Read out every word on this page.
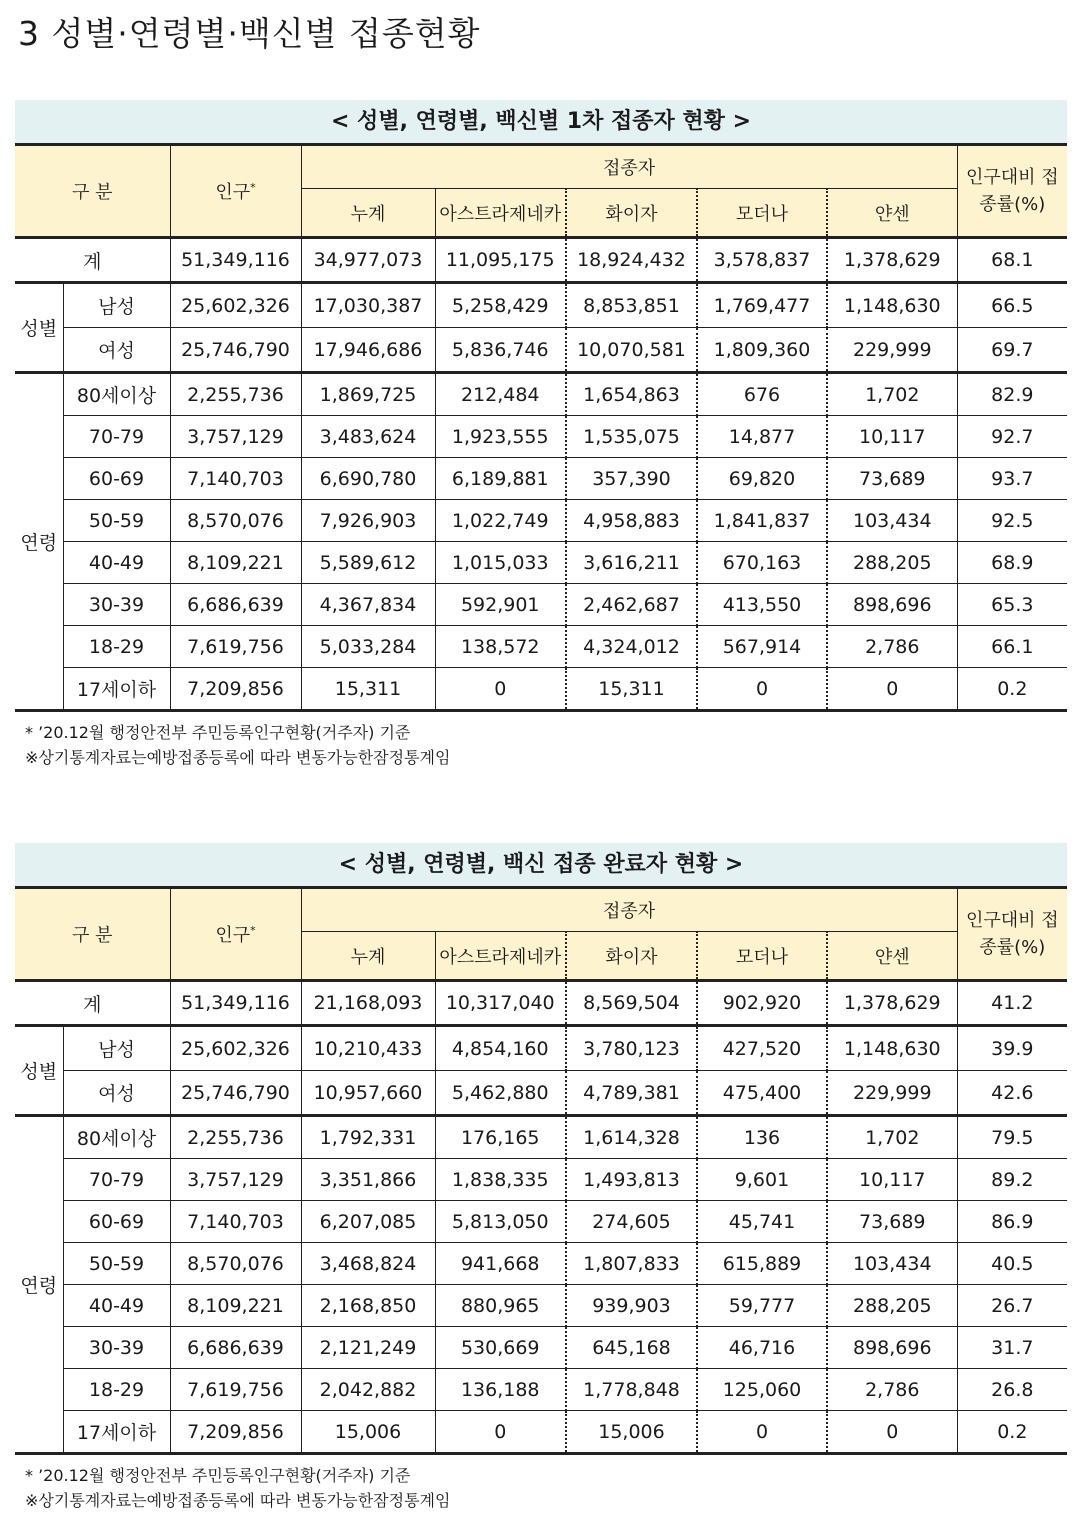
3 성별·연령별·백신별 접종현황
< 성별, 연령별, 백신별 1차 접종자 현황 >
구 분		인구*	접종자					인구대비 접종률(%)
			누계	아스트라제네카	화이자	모더나	얀센	
계		51,349,116	34,977,073	11,095,175	18,924,432	3,578,837	1,378,629	68.1
성별	남성	25,602,326	17,030,387	5,258,429	8,853,851	1,769,477	1,148,630	66.5
	여성	25,746,790	17,946,686	5,836,746	10,070,581	1,809,360	229,999	69.7
연령	80세이상	2,255,736	1,869,725	212,484	1,654,863	676	1,702	82.9
	70-79	3,757,129	3,483,624	1,923,555	1,535,075	14,877	10,117	92.7
	60-69	7,140,703	6,690,780	6,189,881	357,390	69,820	73,689	93.7
	50-59	8,570,076	7,926,903	1,022,749	4,958,883	1,841,837	103,434	92.5
	40-49	8,109,221	5,589,612	1,015,033	3,616,211	670,163	288,205	68.9
	30-39	6,686,639	4,367,834	592,901	2,462,687	413,550	898,696	65.3
	18-29	7,619,756	5,033,284	138,572	4,324,012	567,914	2,786	66.1
	17세이하	7,209,856	15,311	0	15,311	0	0	0.2
* ’20.12월 행정안전부 주민등록인구현황(거주자) 기준
※상기통계자료는예방접종등록에 따라 변동가능한잠정통계임
< 성별, 연령별, 백신 접종 완료자 현황 >
구 분		인구*	접종자					인구대비 접종률(%)
			누계	아스트라제네카	화이자	모더나	얀센	
계		51,349,116	21,168,093	10,317,040	8,569,504	902,920	1,378,629	41.2
성별	남성	25,602,326	10,210,433	4,854,160	3,780,123	427,520	1,148,630	39.9
	여성	25,746,790	10,957,660	5,462,880	4,789,381	475,400	229,999	42.6
연령	80세이상	2,255,736	1,792,331	176,165	1,614,328	136	1,702	79.5
	70-79	3,757,129	3,351,866	1,838,335	1,493,813	9,601	10,117	89.2
	60-69	7,140,703	6,207,085	5,813,050	274,605	45,741	73,689	86.9
	50-59	8,570,076	3,468,824	941,668	1,807,833	615,889	103,434	40.5
	40-49	8,109,221	2,168,850	880,965	939,903	59,777	288,205	26.7
	30-39	6,686,639	2,121,249	530,669	645,168	46,716	898,696	31.7
	18-29	7,619,756	2,042,882	136,188	1,778,848	125,060	2,786	26.8
	17세이하	7,209,856	15,006	0	15,006	0	0	0.2
* ’20.12월 행정안전부 주민등록인구현황(거주자) 기준
※상기통계자료는예방접종등록에 따라 변동가능한잠정통계임
